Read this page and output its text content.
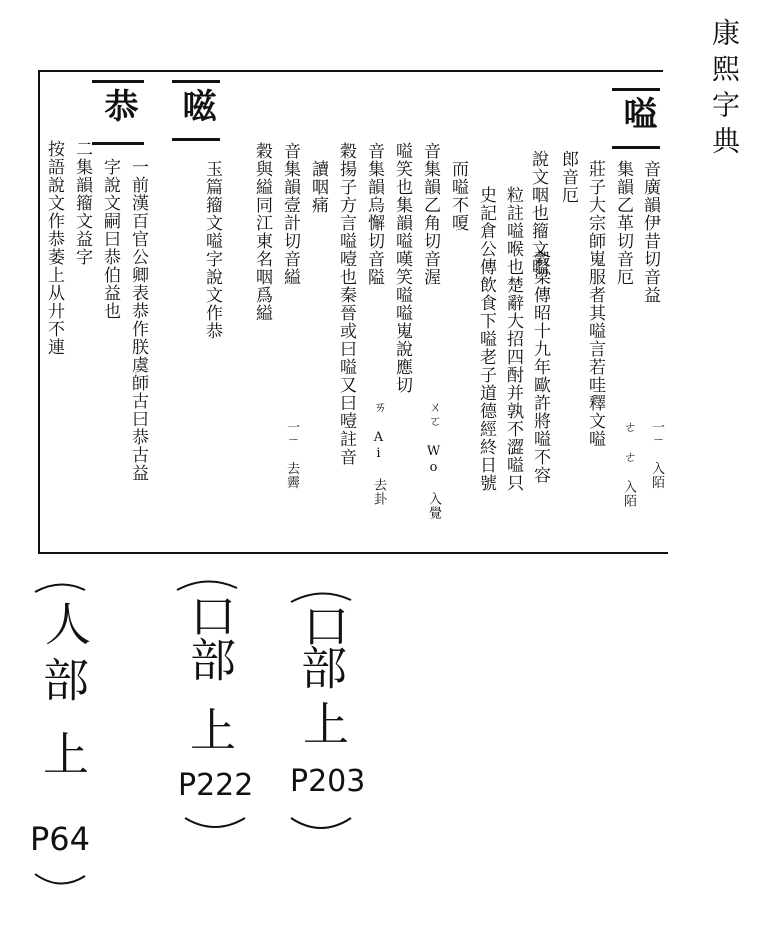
康熙字典
嗌
音廣韻伊昔切音益
集韻乙革切音厄
莊子大宗師嵬服者其嗌言若哇釋文嗌
郎音厄
說文咽也籀文嗌
穀梁傳昭十九年歐許將嗌不容
粒註嗌喉也楚辭大招四酎并孰不澀嗌只
史記倉公傳飲食下嗌老子道德經終日號
而嗌不嗄
一ㄧ 入陌
ㄜ ㄜ 入陌
音集韻乙角切音渥
嗌笑也集韻嗌嘆笑嗌嗌嵬說應切
音集韻烏懈切音隘
穀揚子方言嗌噎也秦晉或曰嗌又曰噎註音
讀咽痛
音集韻壹計切音縊
穀與縊同江東名咽爲縊
ㄨㄛ Wo 入覺
ㄞ Ai 去卦
一ㄧ 去霽
嗞
玉篇籀文嗌字說文作恭
恭
一前漢百官公卿表恭作朕虞師古曰恭古益
字說文嗣曰恭伯益也
二集韻籀文益字
按語說文作恭萎上从廾不連
人
部
上
P64
口
部
上
P222
口
部
上
P203
